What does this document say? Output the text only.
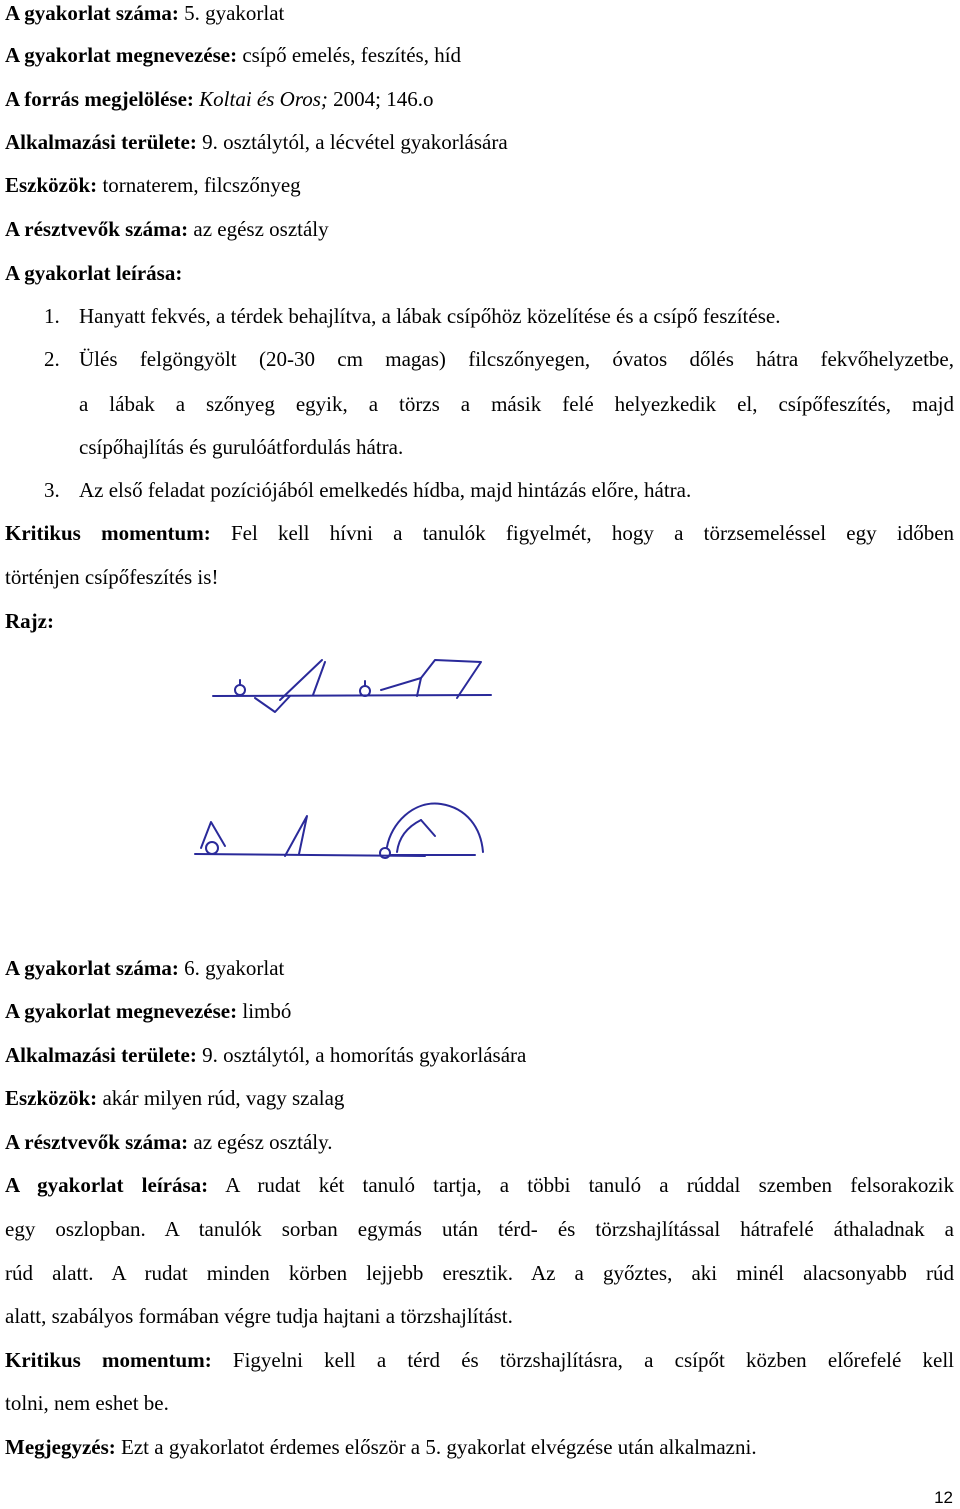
A gyakorlat száma: 5. gyakorlat
A gyakorlat megnevezése: csípő emelés, feszítés, híd
A forrás megjelölése: Koltai és Oros; 2004; 146.o
Alkalmazási területe: 9. osztálytól, a lécvétel gyakorlására
Eszközök: tornaterem, filcszőnyeg
A résztvevők száma: az egész osztály
A gyakorlat leírása:
1. Hanyatt fekvés, a térdek behajlítva, a lábak csípőhöz közelítése és a csípő feszítése.
2. Ülés felgöngyölt (20-30 cm magas) filcszőnyegen, óvatos dőlés hátra fekvőhelyzetbe,
a lábak a szőnyeg egyik, a törzs a másik felé helyezkedik el, csípőfeszítés, majd
csípőhajlítás és gurulóátfordulás hátra.
3. Az első feladat pozíciójából emelkedés hídba, majd hintázás előre, hátra.
Kritikus momentum: Fel kell hívni a tanulók figyelmét, hogy a törzsemeléssel egy időben
történjen csípőfeszítés is!
Rajz:
A gyakorlat száma: 6. gyakorlat
A gyakorlat megnevezése: limbó
Alkalmazási területe: 9. osztálytól, a homorítás gyakorlására
Eszközök: akár milyen rúd, vagy szalag
A résztvevők száma: az egész osztály.
A gyakorlat leírása: A rudat két tanuló tartja, a többi tanuló a rúddal szemben felsorakozik
egy oszlopban. A tanulók sorban egymás után térd- és törzshajlítással hátrafelé áthaladnak a
rúd alatt. A rudat minden körben lejjebb eresztik. Az a győztes, aki minél alacsonyabb rúd
alatt, szabályos formában végre tudja hajtani a törzshajlítást.
Kritikus momentum: Figyelni kell a térd és törzshajlításra, a csípőt közben előrefelé kell
tolni, nem eshet be.
Megjegyzés: Ezt a gyakorlatot érdemes először a 5. gyakorlat elvégzése után alkalmazni.
12
